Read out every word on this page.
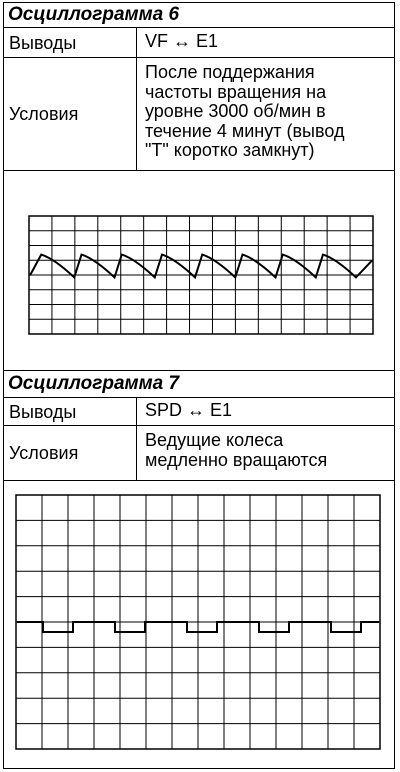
Осциллограмма 6
Выводы	VF ↔ E1
Условия
После поддержания
частоты вращения на
уровне 3000 об/мин в
течение 4 минут (вывод
"T" коротко замкнут)
Осциллограмма 7
Выводы	SPD ↔ E1
Условия
Ведущие колеса
медленно вращаются
